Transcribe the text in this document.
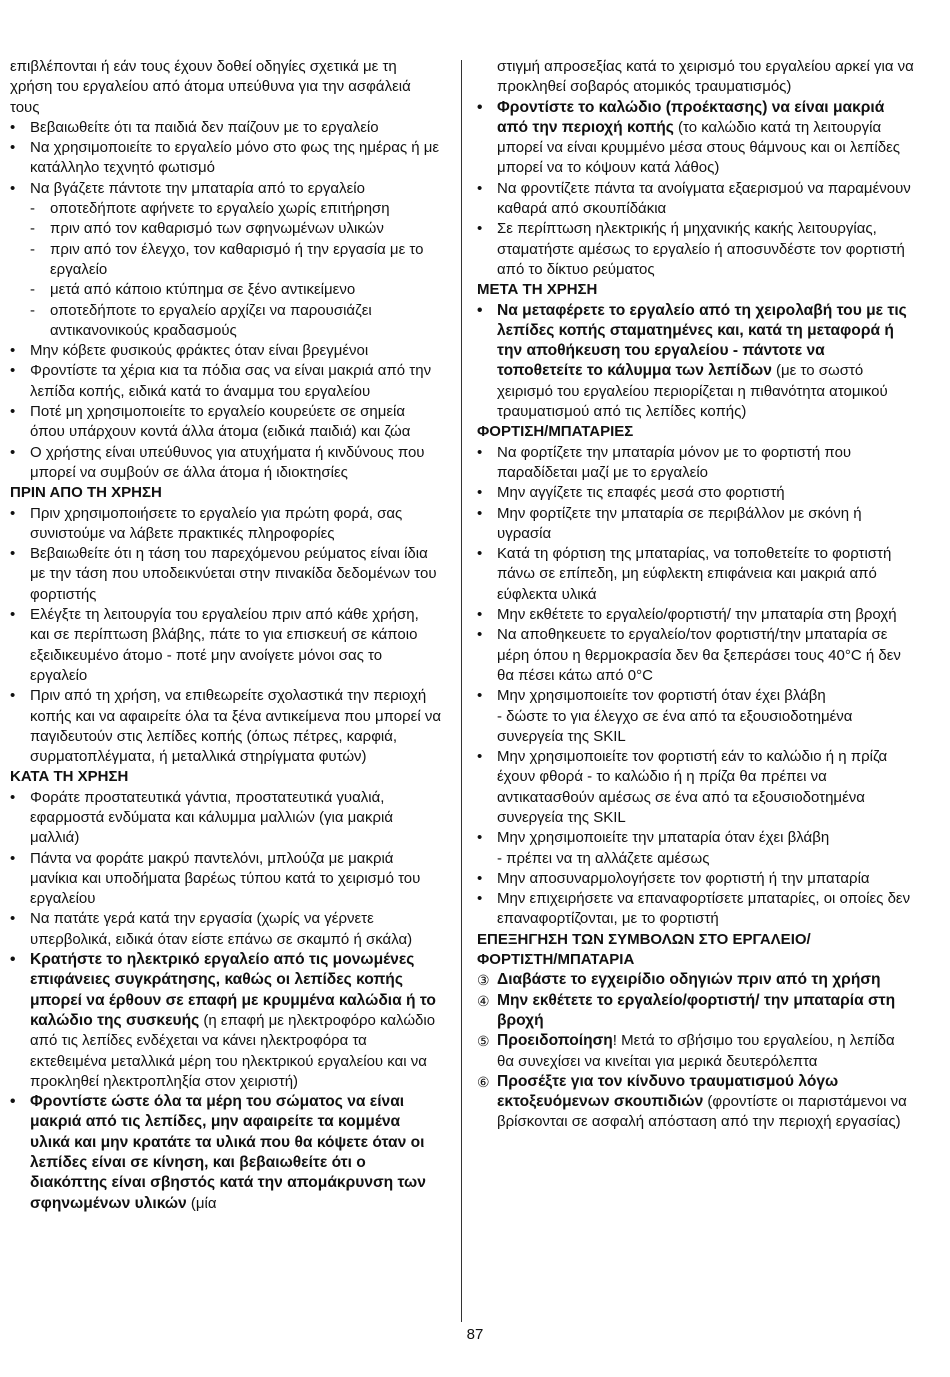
επιβλέπονται ή εάν τους έχουν δοθεί οδηγίες σχετικά με τη χρήση του εργαλείου από άτομα υπεύθυνα για την ασφάλειά τους

• Βεβαιωθείτε ότι τα παιδιά δεν παίζουν με το εργαλείο
• Να χρησιμοποιείτε το εργαλείο μόνο στο φως της ημέρας ή με κατάλληλο τεχνητό φωτισμό
• Να βγάζετε πάντοτε την μπαταρία από το εργαλείο
-	οποτεδήποτε αφήνετε το εργαλείο χωρίς επιτήρηση
-	πριν από τον καθαρισμό των σφηνωμένων υλικών
-	πριν από τον έλεγχο, τον καθαρισμό ή την εργασία με το εργαλείο
-	μετά από κάποιο κτύπημα σε ξένο αντικείμενο
-	οποτεδήποτε το εργαλείο αρχίζει να παρουσιάζει αντικανονικούς κραδασμούς
• Μην κόβετε φυσικούς φράκτες όταν είναι βρεγμένοι
• Φροντίστε τα χέρια κια τα πόδια σας να είναι μακριά από την λεπίδα κοπής, ειδικά κατά το άναμμα του εργαλείου
• Ποτέ μη χρησιμοποιείτε το εργαλείο κουρεύετε σε σημεία όπου υπάρχουν κοντά άλλα άτομα (ειδικά παιδιά) και ζώα
• Ο χρήστης είναι υπεύθυνος για ατυχήματα ή κινδύνους που μπορεί να συμβούν σε άλλα άτομα ή ιδιοκτησίες

ΠΡΙΝ ΑΠΟ ΤΗ ΧΡΗΣΗ

• Πριν χρησιμοποιήσετε το εργαλείο για πρώτη φορά, σας συνιστούμε να λάβετε πρακτικές πληροφορίες
• Βεβαιωθείτε ότι η τάση του παρεχόμενου ρεύματος είναι ίδια με την τάση που υποδεικνύεται στην πινακίδα δεδομένων του φορτιστής
• Ελέγξτε τη λειτουργία του εργαλείου πριν από κάθε χρήση, και σε περίπτωση βλάβης, πάτε το για επισκευή σε κάποιο εξειδικευμένο άτομο - ποτέ μην ανοίγετε μόνοι σας το εργαλείο
• Πριν από τη χρήση, να επιθεωρείτε σχολαστικά την περιοχή κοπής και να αφαιρείτε όλα τα ξένα αντικείμενα που μπορεί να παγιδευτούν στις λεπίδες κοπής (όπως πέτρες, καρφιά, συρματοπλέγματα, ή μεταλλικά στηρίγματα φυτών)

ΚΑΤΑ ΤΗ ΧΡΗΣΗ

• Φοράτε προστατευτικά γάντια, προστατευτικά γυαλιά, εφαρμοστά ενδύματα και κάλυμμα μαλλιών (για μακριά μαλλιά)
• Πάντα να φοράτε μακρύ παντελόνι, μπλούζα με μακριά μανίκια και υποδήματα βαρέως τύπου κατά το χειρισμό του εργαλείου
• Να πατάτε γερά κατά την εργασία (χωρίς να γέρνετε υπερβολικά, ειδικά όταν είστε επάνω σε σκαμπό ή σκάλα)
• Κρατήστε το ηλεκτρικό εργαλείο από τις μονωμένες επιφάνειες συγκράτησης, καθώς οι λεπίδες κοπής μπορεί να έρθουν σε επαφή με κρυμμένα καλώδια ή το καλώδιο της συσκευής (η επαφή με ηλεκτροφόρο καλώδιο από τις λεπίδες ενδέχεται να κάνει ηλεκτροφόρα τα εκτεθειμένα μεταλλικά μέρη του ηλεκτρικού εργαλείου και να προκληθεί ηλεκτροπληξία στον χειριστή)
• Φροντίστε ώστε όλα τα μέρη του σώματος να είναι μακριά από τις λεπίδες, μην αφαιρείτε τα κομμένα υλικά και μην κρατάτε τα υλικά που θα κόψετε όταν οι λεπίδες είναι σε κίνηση, και βεβαιωθείτε ότι ο διακόπτης είναι σβηστός κατά την απομάκρυνση των σφηνωμένων υλικών (μία

στιγμή απροσεξίας κατά το χειρισμό του εργαλείου αρκεί για να προκληθεί σοβαρός ατομικός τραυματισμός)

• Φροντίστε το καλώδιο (προέκτασης) να είναι μακριά από την περιοχή κοπής (το καλώδιο κατά τη λειτουργία μπορεί να είναι κρυμμένο μέσα στους θάμνους και οι λεπίδες μπορεί να το κόψουν κατά λάθος)
• Να φροντίζετε πάντα τα ανοίγματα εξαερισμού να παραμένουν καθαρά από σκουπίδάκια
• Σε περίπτωση ηλεκτρικής ή μηχανικής κακής λειτουργίας, σταματήστε αμέσως το εργαλείο ή αποσυνδέστε τον φορτιστή από το δίκτυο ρεύματος

ΜΕΤΑ ΤΗ ΧΡΗΣΗ

• Να μεταφέρετε το εργαλείο από τη χειρολαβή του με τις λεπίδες κοπής σταματημένες και, κατά τη μεταφορά ή την αποθήκευση του εργαλείου - πάντοτε να τοποθετείτε το κάλυμμα των λεπίδων (με το σωστό χειρισμό του εργαλείου περιορίζεται η πιθανότητα ατομικού τραυματισμού από τις λεπίδες κοπής)

ΦΟΡΤΙΣΗ/ΜΠΑΤΑΡΙΕΣ

• Να φορτίζετε την μπαταρία μόνον με το φορτιστή που παραδίδεται μαζί με το εργαλείο
• Μην αγγίζετε τις επαφές μεσά στο φορτιστή
• Μην φορτίζετε την μπαταρία σε περιβάλλον με σκόνη ή υγρασία
• Κατά τη φόρτιση της μπαταρίας, να τοποθετείτε το φορτιστή πάνω σε επίπεδη, μη εύφλεκτη επιφάνεια και μακριά από εύφλεκτα υλικά
• Μην εκθέτετε το εργαλείο/φορτιστή/ την μπαταρία στη βροχή
• Να αποθηκευετε το εργαλείο/τον φορτιστή/την μπαταρία σε μέρη όπου η θερμοκρασία δεν θα ξεπεράσει τους 40°C ή δεν θα πέσει κάτω από 0°C
• Μην χρησιμοποιείτε τον φορτιστή όταν έχει βλάβη
- δώστε το για έλεγχο σε ένα από τα εξουσιοδοτημένα συνεργεία της SKIL
• Μην χρησιμοποιείτε τον φορτιστή εάν το καλώδιο ή η πρίζα έχουν φθορά - το καλώδιο ή η πρίζα θα πρέπει να αντικατασθούν αμέσως σε ένα από τα εξουσιοδοτημένα συνεργεία της SKIL
• Μην χρησιμοποιείτε την μπαταρία όταν έχει βλάβη
- πρέπει να τη αλλάζετε αμέσως
• Μην αποσυναρμολογήσετε τον φορτιστή ή την μπαταρία
• Μην επιχειρήσετε να επαναφορτίσετε μπαταρίες, οι οποίες δεν επαναφορτίζονται, με το φορτιστή

ΕΠΕΞΗΓΗΣΗ ΤΩΝ ΣΥΜΒΟΛΩΝ ΣΤΟ ΕΡΓΑΛΕΙΟ/
ΦΟΡΤΙΣΤΗ/ΜΠΑΤΑΡΙΑ

③ Διαβάστε το εγχειρίδιο οδηγιών πριν από τη χρήση
④ Μην εκθέτετε το εργαλείο/φορτιστή/ την μπαταρία στη βροχή
⑤ Προειδοποίηση! Μετά το σβήσιμο του εργαλείου, η λεπίδα θα συνεχίσει να κινείται για μερικά δευτερόλεπτα
⑥ Προσέξτε για τον κίνδυνο τραυματισμού λόγω εκτοξευόμενων σκουπιδιών (φροντίστε οι παριστάμενοι να βρίσκονται σε ασφαλή απόσταση από την περιοχή εργασίας)
87
